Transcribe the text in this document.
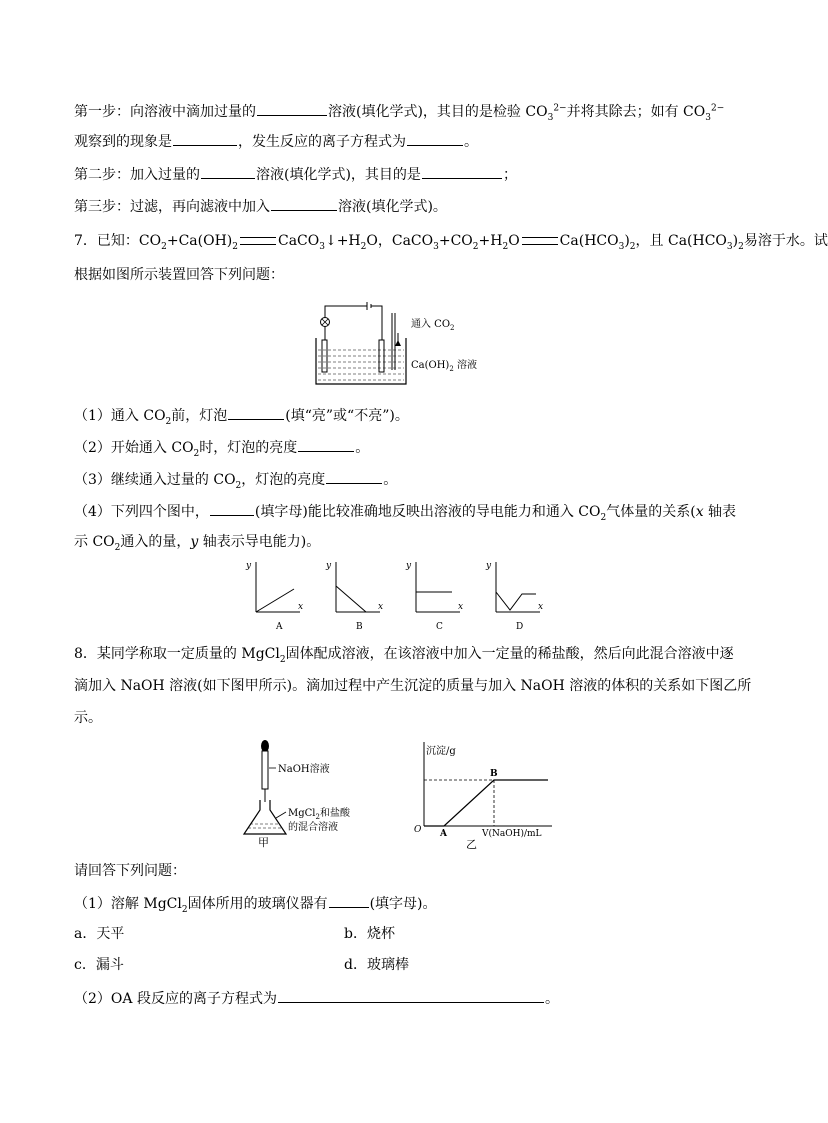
第一步：向溶液中滴加过量的	溶液(填化学式)，其目的是检验 $CO_3^{2-}$并将其除去；如有 $CO_3^{2-}$
观察到的现象是	，发生反应的离子方程式为	。
第二步：加入过量的	溶液(填化学式)，其目的是	；
第三步：过滤，再向滤液中加入	溶液(填化学式)。
7．已知：$CO_2+Ca(OH)_2$	$CaCO_3↓+H_2O$，$CaCO_3+CO_2+H_2O$	$Ca(HCO_3)_2$，且 $Ca(HCO_3)_2$易溶于水。试
根据如图所示装置回答下列问题：
通入 $CO_2$
$Ca(OH)_2$ 溶液
（1）通入 $CO_2$前，灯泡	(填“亮”或“不亮”)。
（2）开始通入 $CO_2$时，灯泡的亮度	。
（3）继续通入过量的 $CO_2$，灯泡的亮度	。
（4）下列四个图中，	(填字母)能比较准确地反映出溶液的导电能力和通入 $CO_2$气体量的关系(x 轴表
示 $CO_2$通入的量，y 轴表示导电能力)。
y
x
A
y
x
B
y
x
C
y
x
D
8．某同学称取一定质量的 MgCl$_2$固体配成溶液，在该溶液中加入一定量的稀盐酸，然后向此混合溶液中逐
滴加入 NaOH 溶液(如下图甲所示)。滴加过程中产生沉淀的质量与加入 NaOH 溶液的体积的关系如下图乙所
示。
NaOH溶液
MgCl$_2$和盐酸
的混合溶液
甲
沉淀/g
O A
B
V(NaOH)/mL
乙
请回答下列问题：
（1）溶解 MgCl$_2$固体所用的玻璃仪器有	(填字母)。
a．天平	b．烧杯
c．漏斗	d．玻璃棒
（2）OA 段反应的离子方程式为	。
